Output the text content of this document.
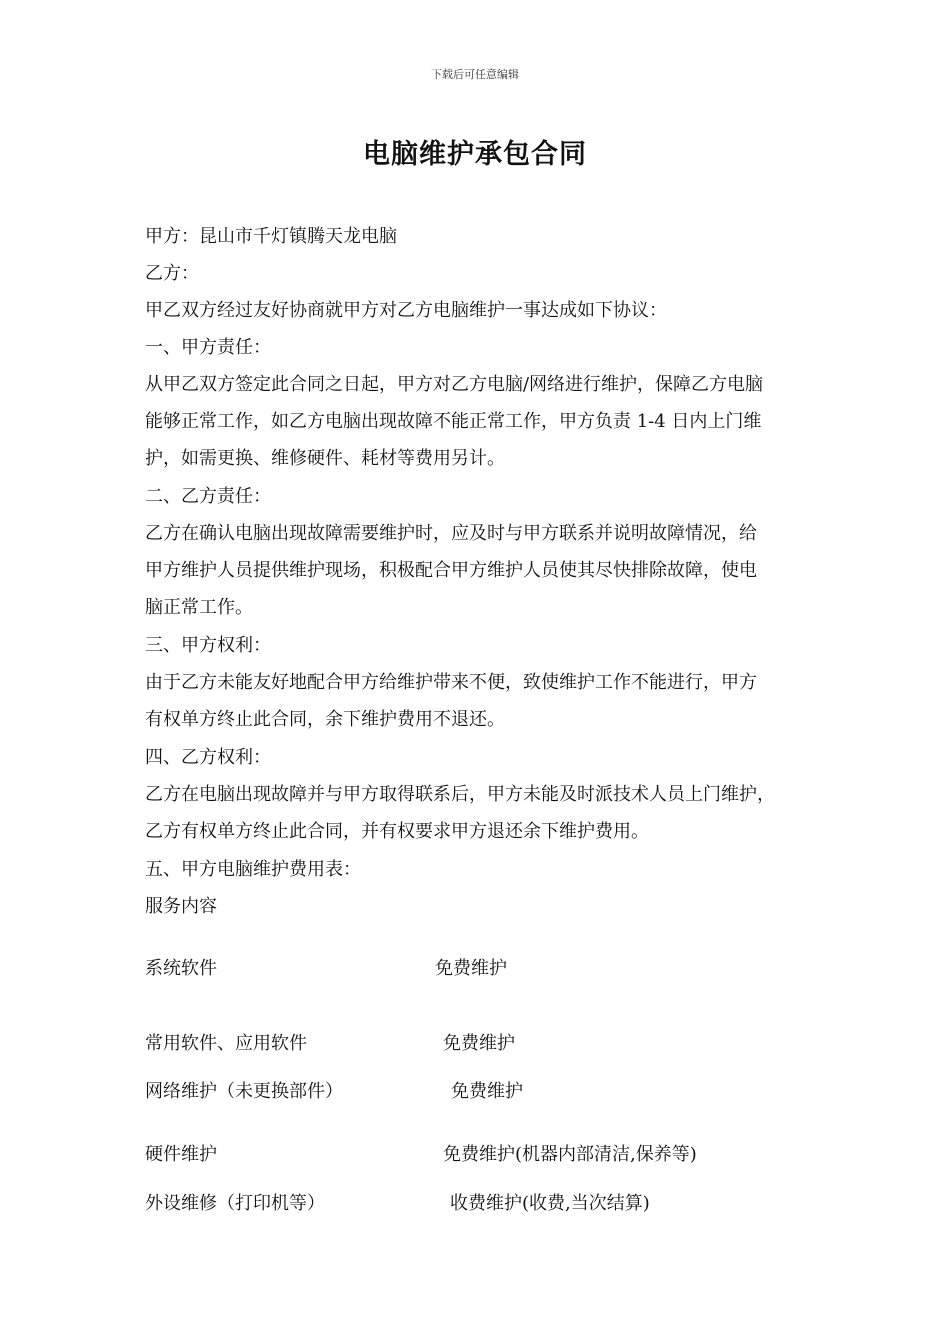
下载后可任意编辑
电脑维护承包合同
甲方：昆山市千灯镇腾天龙电脑
乙方：
甲乙双方经过友好协商就甲方对乙方电脑维护一事达成如下协议：
一、甲方责任：
从甲乙双方签定此合同之日起，甲方对乙方电脑/网络进行维护，保障乙方电脑
能够正常工作，如乙方电脑出现故障不能正常工作，甲方负责 1-4 日内上门维
护，如需更换、维修硬件、耗材等费用另计。
二、乙方责任：
乙方在确认电脑出现故障需要维护时，应及时与甲方联系并说明故障情况，给
甲方维护人员提供维护现场，积极配合甲方维护人员使其尽快排除故障，使电
脑正常工作。
三、甲方权利：
由于乙方未能友好地配合甲方给维护带来不便，致使维护工作不能进行，甲方
有权单方终止此合同，余下维护费用不退还。
四、乙方权利：
乙方在电脑出现故障并与甲方取得联系后，甲方未能及时派技术人员上门维护，
乙方有权单方终止此合同，并有权要求甲方退还余下维护费用。
五、甲方电脑维护费用表：
服务内容
系统软件	免费维护
常用软件、应用软件	免费维护
网络维护（未更换部件）	免费维护
硬件维护	免费维护(机器内部清洁,保养等)
外设维修（打印机等）	收费维护(收费,当次结算)
